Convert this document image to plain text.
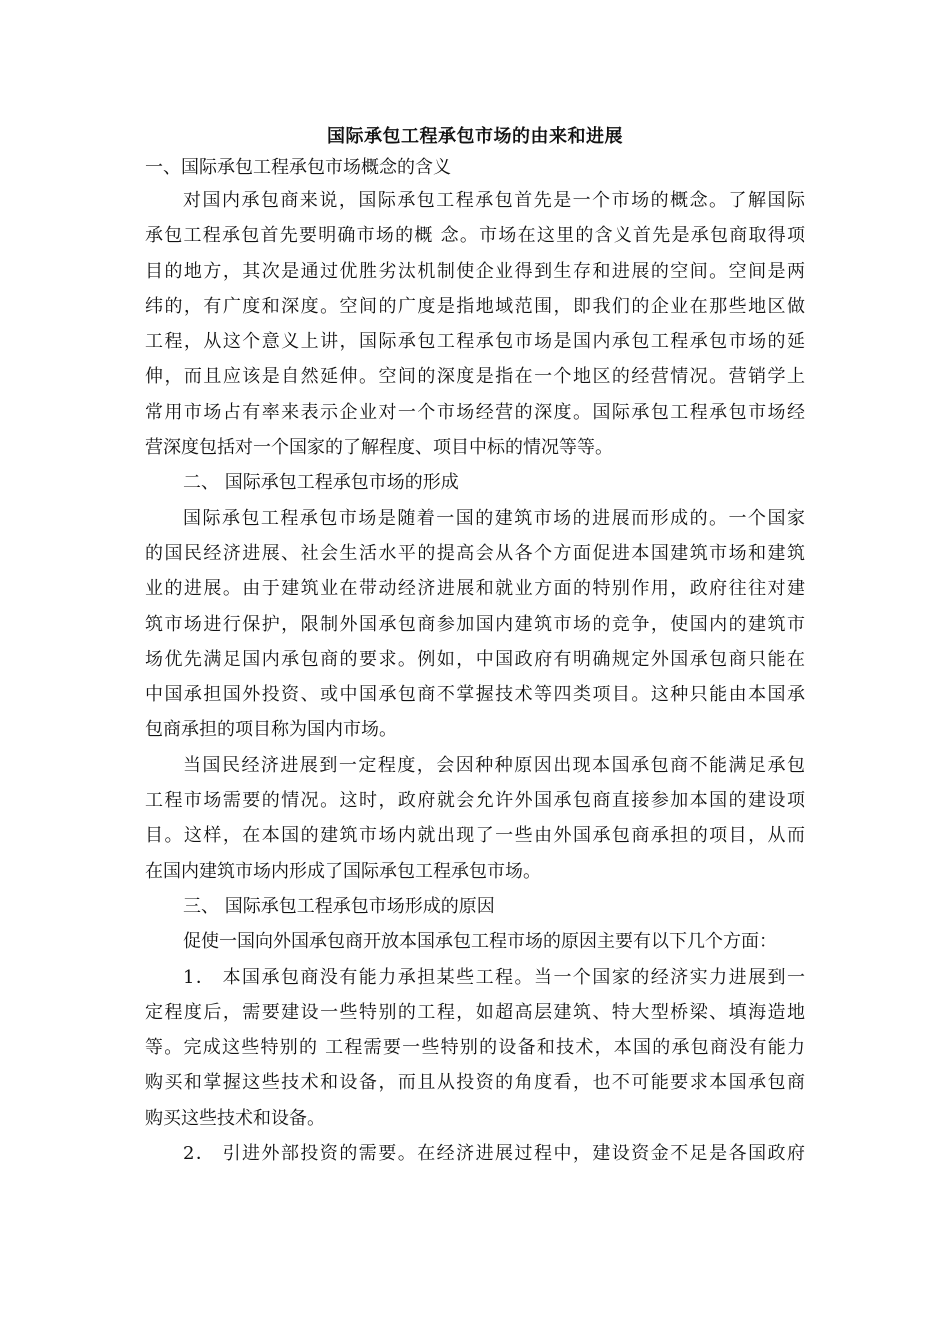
国际承包工程承包市场的由来和进展
一、国际承包工程承包市场概念的含义
对国内承包商来说，国际承包工程承包首先是一个市场的概念。了解国际
承包工程承包首先要明确市场的概 念。市场在这里的含义首先是承包商取得项
目的地方，其次是通过优胜劣汰机制使企业得到生存和进展的空间。空间是两
纬的，有广度和深度。空间的广度是指地域范围，即我们的企业在那些地区做
工程，从这个意义上讲，国际承包工程承包市场是国内承包工程承包市场的延
伸，而且应该是自然延伸。空间的深度是指在一个地区的经营情况。营销学上
常用市场占有率来表示企业对一个市场经营的深度。国际承包工程承包市场经
营深度包括对一个国家的了解程度、项目中标的情况等等。
二、 国际承包工程承包市场的形成
国际承包工程承包市场是随着一国的建筑市场的进展而形成的。一个国家
的国民经济进展、社会生活水平的提高会从各个方面促进本国建筑市场和建筑
业的进展。由于建筑业在带动经济进展和就业方面的特别作用，政府往往对建
筑市场进行保护，限制外国承包商参加国内建筑市场的竞争，使国内的建筑市
场优先满足国内承包商的要求。例如，中国政府有明确规定外国承包商只能在
中国承担国外投资、或中国承包商不掌握技术等四类项目。这种只能由本国承
包商承担的项目称为国内市场。
当国民经济进展到一定程度，会因种种原因出现本国承包商不能满足承包
工程市场需要的情况。这时，政府就会允许外国承包商直接参加本国的建设项
目。这样，在本国的建筑市场内就出现了一些由外国承包商承担的项目，从而
在国内建筑市场内形成了国际承包工程承包市场。
三、 国际承包工程承包市场形成的原因
促使一国向外国承包商开放本国承包工程市场的原因主要有以下几个方面：
1． 本国承包商没有能力承担某些工程。当一个国家的经济实力进展到一
定程度后，需要建设一些特别的工程，如超高层建筑、特大型桥梁、填海造地
等。完成这些特别的 工程需要一些特别的设备和技术，本国的承包商没有能力
购买和掌握这些技术和设备，而且从投资的角度看，也不可能要求本国承包商
购买这些技术和设备。
2． 引进外部投资的需要。在经济进展过程中，建设资金不足是各国政府
